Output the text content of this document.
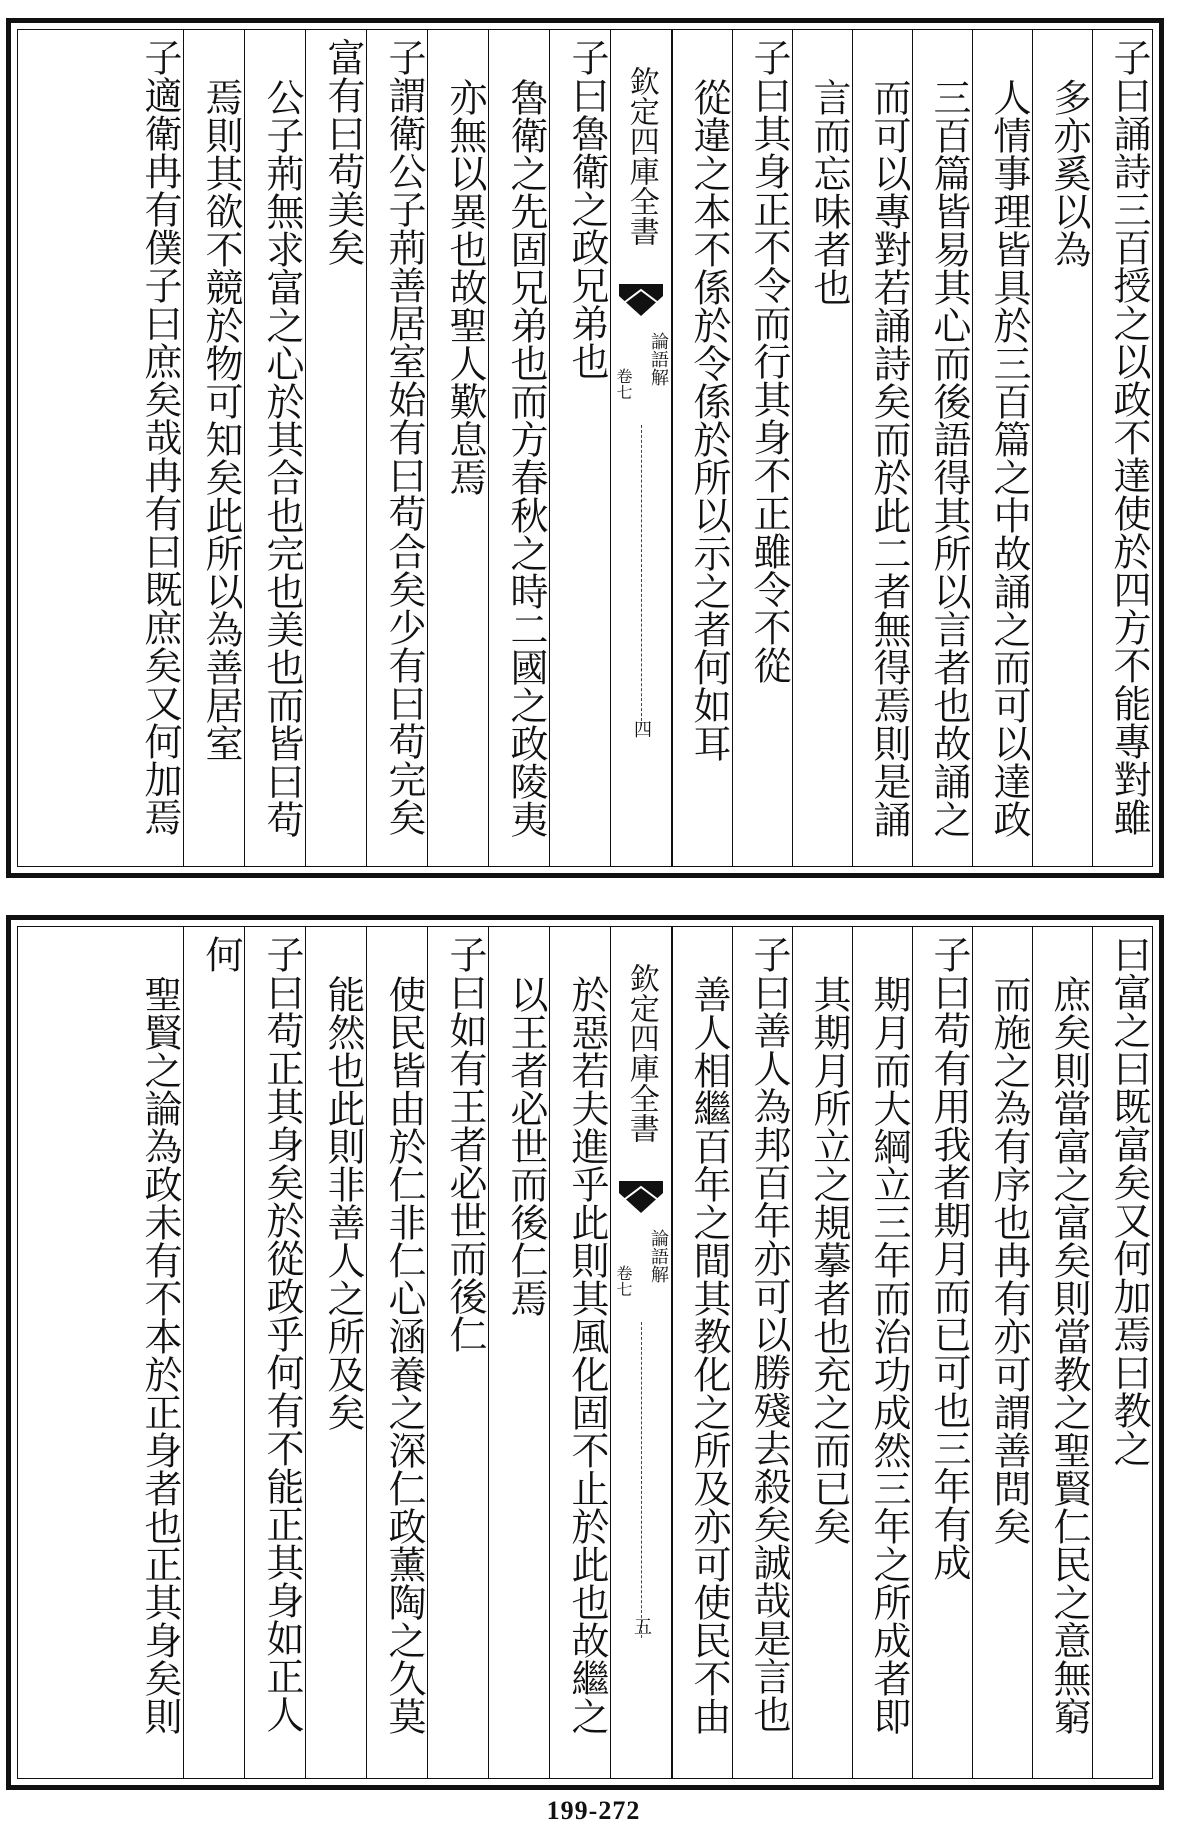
子曰誦詩三百授之以政不達使於四方不能專對雖
多亦奚以為
人情事理皆具於三百篇之中故誦之而可以達政
三百篇皆易其心而後語得其所以言者也故誦之
而可以專對若誦詩矣而於此二者無得焉則是誦
言而忘味者也
子曰其身正不令而行其身不正雖令不從
從違之本不係於令係於所以示之者何如耳
欽定四庫全書
論語解
卷七
四
子曰魯衛之政兄弟也
魯衛之先固兄弟也而方春秋之時二國之政陵夷
亦無以異也故聖人歎息焉
子謂衛公子荊善居室始有曰苟合矣少有曰苟完矣
富有曰苟美矣
公子荊無求富之心於其合也完也美也而皆曰苟
焉則其欲不競於物可知矣此所以為善居室
子適衛冉有僕子曰庶矣哉冉有曰既庶矣又何加焉
曰富之曰既富矣又何加焉曰教之
庶矣則當富之富矣則當教之聖賢仁民之意無窮
而施之為有序也冉有亦可謂善問矣
子曰苟有用我者期月而已可也三年有成
期月而大綱立三年而治功成然三年之所成者即
其期月所立之規摹者也充之而已矣
子曰善人為邦百年亦可以勝殘去殺矣誠哉是言也
善人相繼百年之間其教化之所及亦可使民不由
欽定四庫全書
論語解
卷七
五
於惡若夫進乎此則其風化固不止於此也故繼之
以王者必世而後仁焉
子曰如有王者必世而後仁
使民皆由於仁非仁心涵養之深仁政薰陶之久莫
能然也此則非善人之所及矣
子曰苟正其身矣於從政乎何有不能正其身如正人
何
聖賢之論為政未有不本於正身者也正其身矣則
199-272
